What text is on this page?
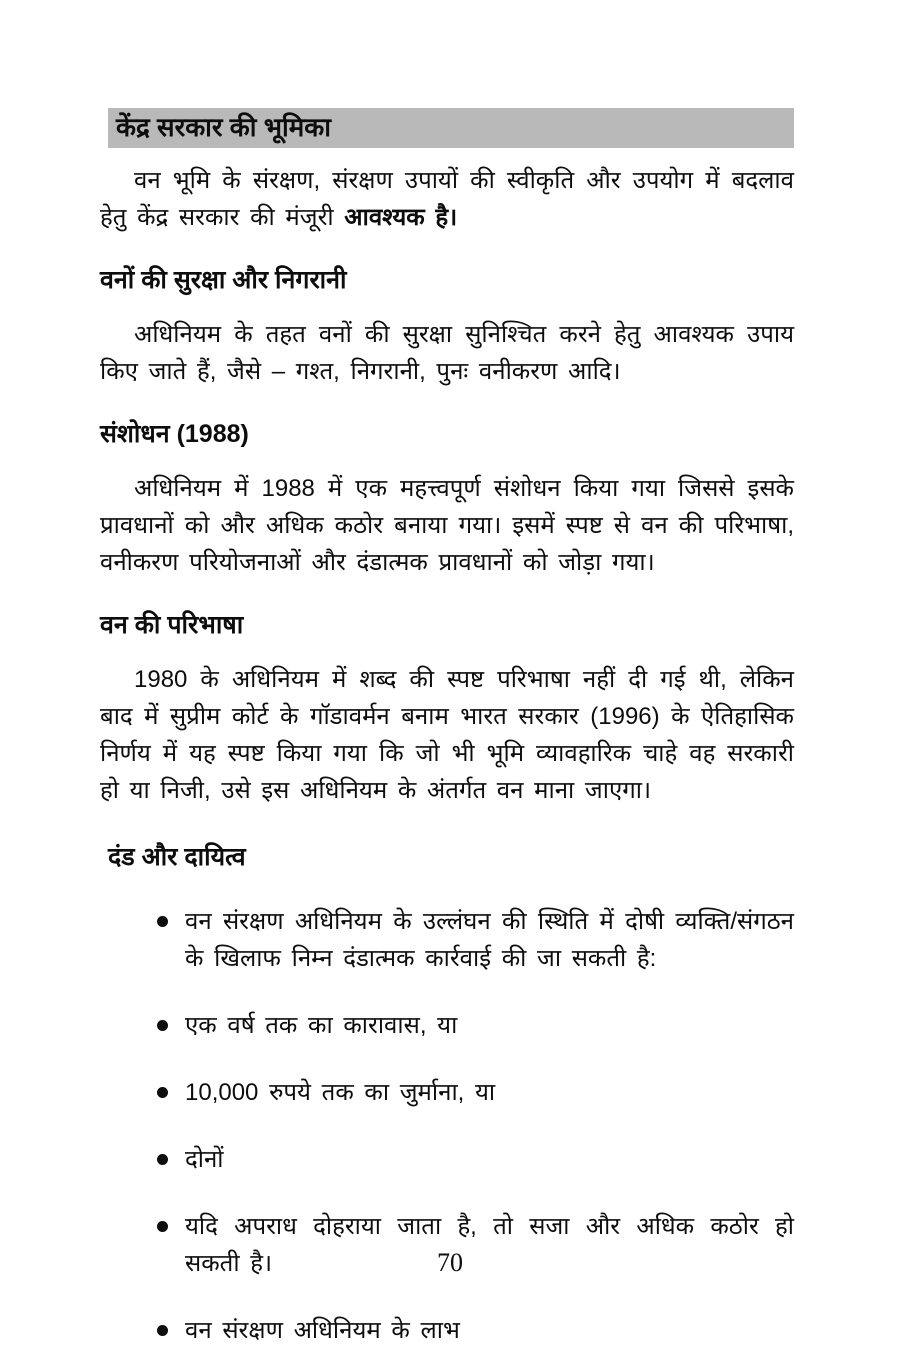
केंद्र सरकार की भूमिका

वन भूमि के संरक्षण, संरक्षण उपायों की स्वीकृति और उपयोग में बदलाव हेतु केंद्र सरकार की मंजूरी आवश्यक है।

वनों की सुरक्षा और निगरानी

अधिनियम के तहत वनों की सुरक्षा सुनिश्चित करने हेतु आवश्यक उपाय किए जाते हैं, जैसे – गश्त, निगरानी, पुनः वनीकरण आदि।

संशोधन (1988)

अधिनियम में 1988 में एक महत्त्वपूर्ण संशोधन किया गया जिससे इसके प्रावधानों को और अधिक कठोर बनाया गया। इसमें स्पष्ट से वन की परिभाषा, वनीकरण परियोजनाओं और दंडात्मक प्रावधानों को जोड़ा गया।

वन की परिभाषा

1980 के अधिनियम में शब्द की स्पष्ट परिभाषा नहीं दी गई थी, लेकिन बाद में सुप्रीम कोर्ट के गॉडावर्मन बनाम भारत सरकार (1996) के ऐतिहासिक निर्णय में यह स्पष्ट किया गया कि जो भी भूमि व्यावहारिक चाहे वह सरकारी हो या निजी, उसे इस अधिनियम के अंतर्गत वन माना जाएगा।

दंड और दायित्व
वन संरक्षण अधिनियम के उल्लंघन की स्थिति में दोषी व्यक्ति/संगठन के खिलाफ निम्न दंडात्मक कार्रवाई की जा सकती है:
एक वर्ष तक का कारावास, या
10,000 रुपये तक का जुर्माना, या
दोनों
यदि अपराध दोहराया जाता है, तो सजा और अधिक कठोर हो सकती है।
वन संरक्षण अधिनियम के लाभ
70
